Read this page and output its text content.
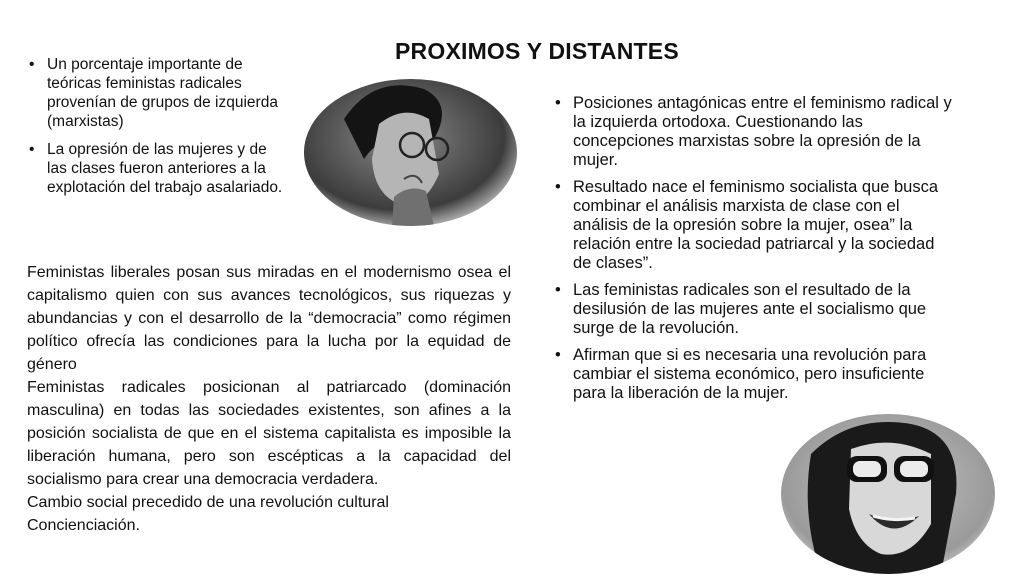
PROXIMOS Y DISTANTES
• Un porcentaje importante de teóricas feministas radicales provenían de grupos de izquierda (marxistas)
• La opresión de las mujeres y de las clases fueron anteriores a la explotación del trabajo asalariado.

Feministas liberales posan sus miradas en el modernismo osea el capitalismo quien con sus avances tecnológicos, sus riquezas y abundancias y con el desarrollo de la “democracia” como régimen político ofrecía las condiciones para la lucha por la equidad de género

Feministas radicales posicionan al patriarcado (dominación masculina) en todas las sociedades existentes, son afines a la posición socialista de que en el sistema capitalista es imposible la liberación humana, pero son escépticas a la capacidad del socialismo para crear una democracia verdadera.

Cambio social precedido de una revolución cultural

Concienciación.

• Posiciones antagónicas entre el feminismo radical y la izquierda ortodoxa. Cuestionando las concepciones marxistas sobre la opresión de la mujer.
• Resultado nace el feminismo socialista que busca combinar el análisis marxista de clase con el análisis de la opresión sobre la mujer, osea” la relación entre la sociedad patriarcal y la sociedad de clases”.
• Las feministas radicales son el resultado de la desilusión de las mujeres ante el socialismo que surge de la revolución.
• Afirman que si es necesaria una revolución para cambiar el sistema económico, pero insuficiente para la liberación de la mujer.
